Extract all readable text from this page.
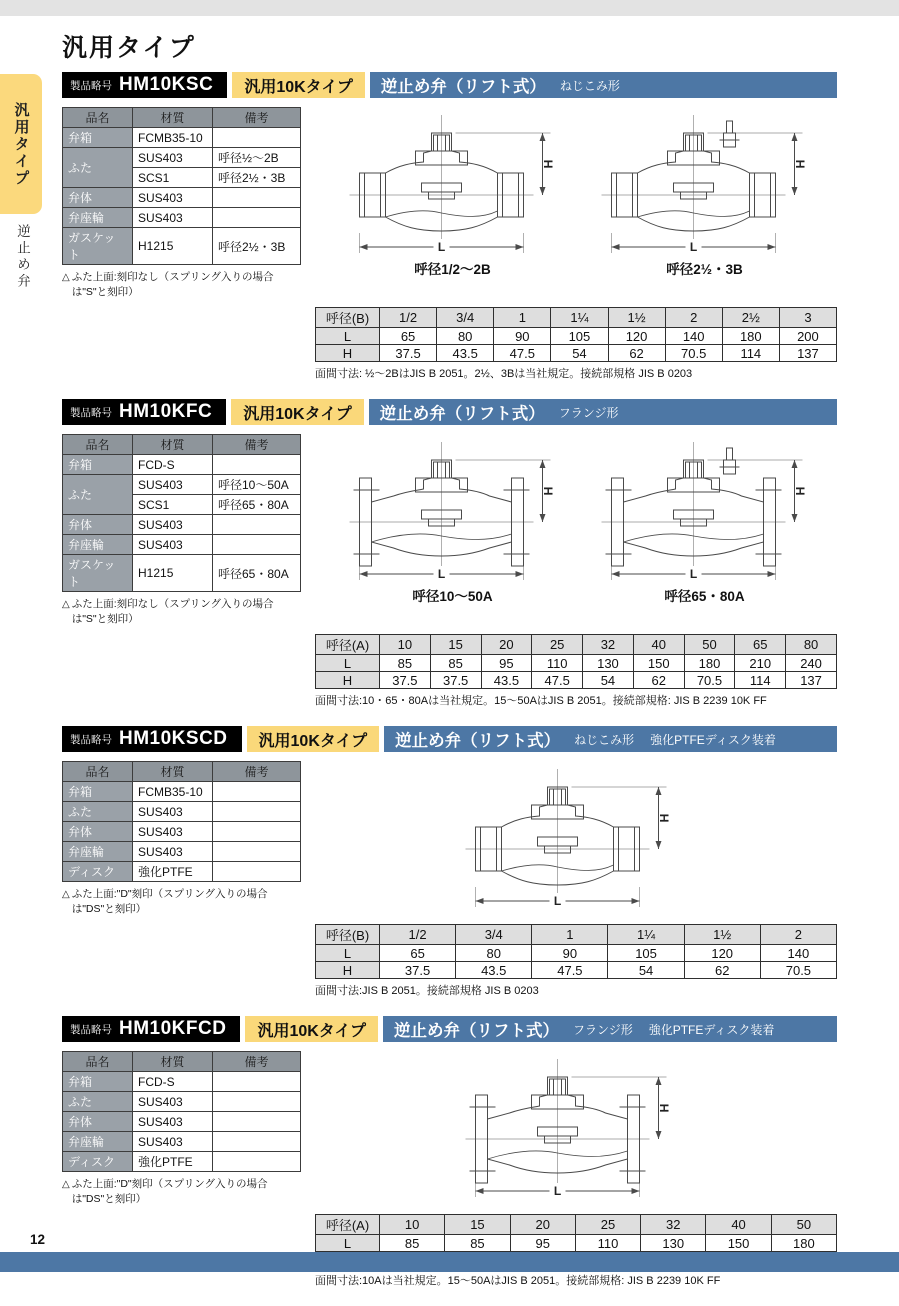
汎用タイプ
汎用タイプ
逆止め弁
製品略号 HM10KSC	汎用10Kタイプ	逆止め弁（リフト式） ねじこみ形
品名	材質	備考
弁箱	FCMB35-10	
ふた	SUS403	呼径½～2B
	SCS1	呼径2½・3B
弁体	SUS403	
弁座輪	SUS403	
ガスケット	H1215	呼径2½・3B
△ ふた上面:刻印なし（スプリング入りの場合は"S"と刻印）
L
H
呼径1/2～2B
L
H
呼径2½・3B
呼径(B)	1/2	3/4	1	1¼	1½	2	2½	3
L	65	80	90	105	120	140	180	200
H	37.5	43.5	47.5	54	62	70.5	114	137
面間寸法: ½～2BはJIS B 2051。2½、3Bは当社規定。接続部規格 JIS B 0203
製品略号 HM10KFC	汎用10Kタイプ	逆止め弁（リフト式） フランジ形
品名	材質	備考
弁箱	FCD-S	
ふた	SUS403	呼径10～50A
	SCS1	呼径65・80A
弁体	SUS403	
弁座輪	SUS403	
ガスケット	H1215	呼径65・80A
△ ふた上面:刻印なし（スプリング入りの場合は"S"と刻印）
L
H
呼径10～50A
L
H
呼径65・80A
呼径(A)	10	15	20	25	32	40	50	65	80
L	85	85	95	110	130	150	180	210	240
H	37.5	37.5	43.5	47.5	54	62	70.5	114	137
面間寸法:10・65・80Aは当社規定。15～50AはJIS B 2051。接続部規格: JIS B 2239 10K FF
製品略号 HM10KSCD	汎用10Kタイプ	逆止め弁（リフト式） ねじこみ形 強化PTFEディスク装着
品名	材質	備考
弁箱	FCMB35-10	
ふた	SUS403	
弁体	SUS403	
弁座輪	SUS403	
ディスク	強化PTFE	
△ ふた上面:"D"刻印（スプリング入りの場合は"DS"と刻印）
L
H
呼径(B)	1/2	3/4	1	1¼	1½	2
L	65	80	90	105	120	140
H	37.5	43.5	47.5	54	62	70.5
面間寸法:JIS B 2051。接続部規格 JIS B 0203
製品略号 HM10KFCD	汎用10Kタイプ	逆止め弁（リフト式） フランジ形 強化PTFEディスク装着
品名	材質	備考
弁箱	FCD-S	
ふた	SUS403	
弁体	SUS403	
弁座輪	SUS403	
ディスク	強化PTFE	
△ ふた上面:"D"刻印（スプリング入りの場合は"DS"と刻印）
L
H
呼径(A)	10	15	20	25	32	40	50
L	85	85	95	110	130	150	180

面間寸法:10Aは当社規定。15～50AはJIS B 2051。接続部規格: JIS B 2239 10K FF
12
